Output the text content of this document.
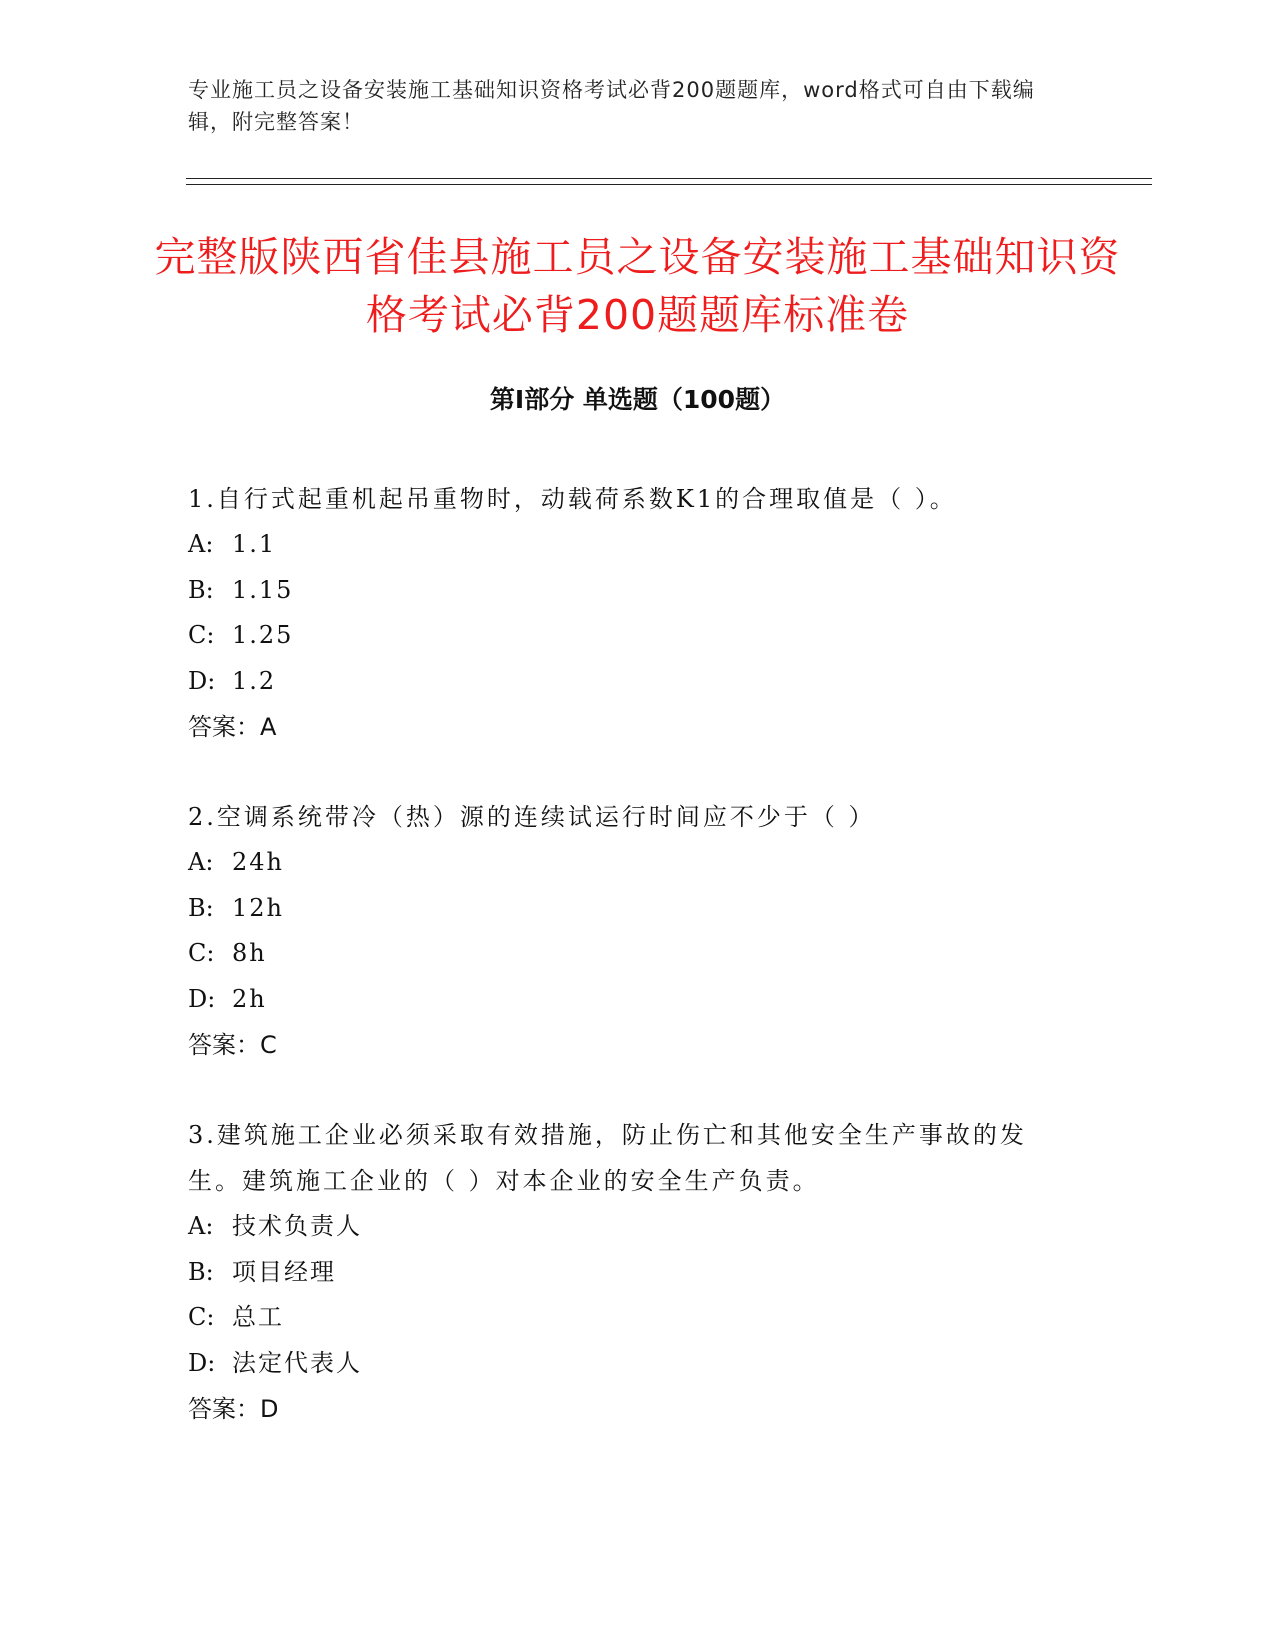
专业施工员之设备安装施工基础知识资格考试必背200题题库，word格式可自由下载编辑，附完整答案！
完整版陕西省佳县施工员之设备安装施工基础知识资格考试必背200题题库标准卷
第Ⅰ部分 单选题（100题）

1.自行式起重机起吊重物时，动载荷系数K1的合理取值是（ ）。

A: 1.1

B: 1.15

C: 1.25

D: 1.2

答案：A

2.空调系统带冷（热）源的连续试运行时间应不少于（ ）

A: 24h

B: 12h

C: 8h

D: 2h

答案：C

3.建筑施工企业必须采取有效措施，防止伤亡和其他安全生产事故的发生。建筑施工企业的（ ）对本企业的安全生产负责。

A: 技术负责人

B: 项目经理

C: 总工

D: 法定代表人

答案：D
